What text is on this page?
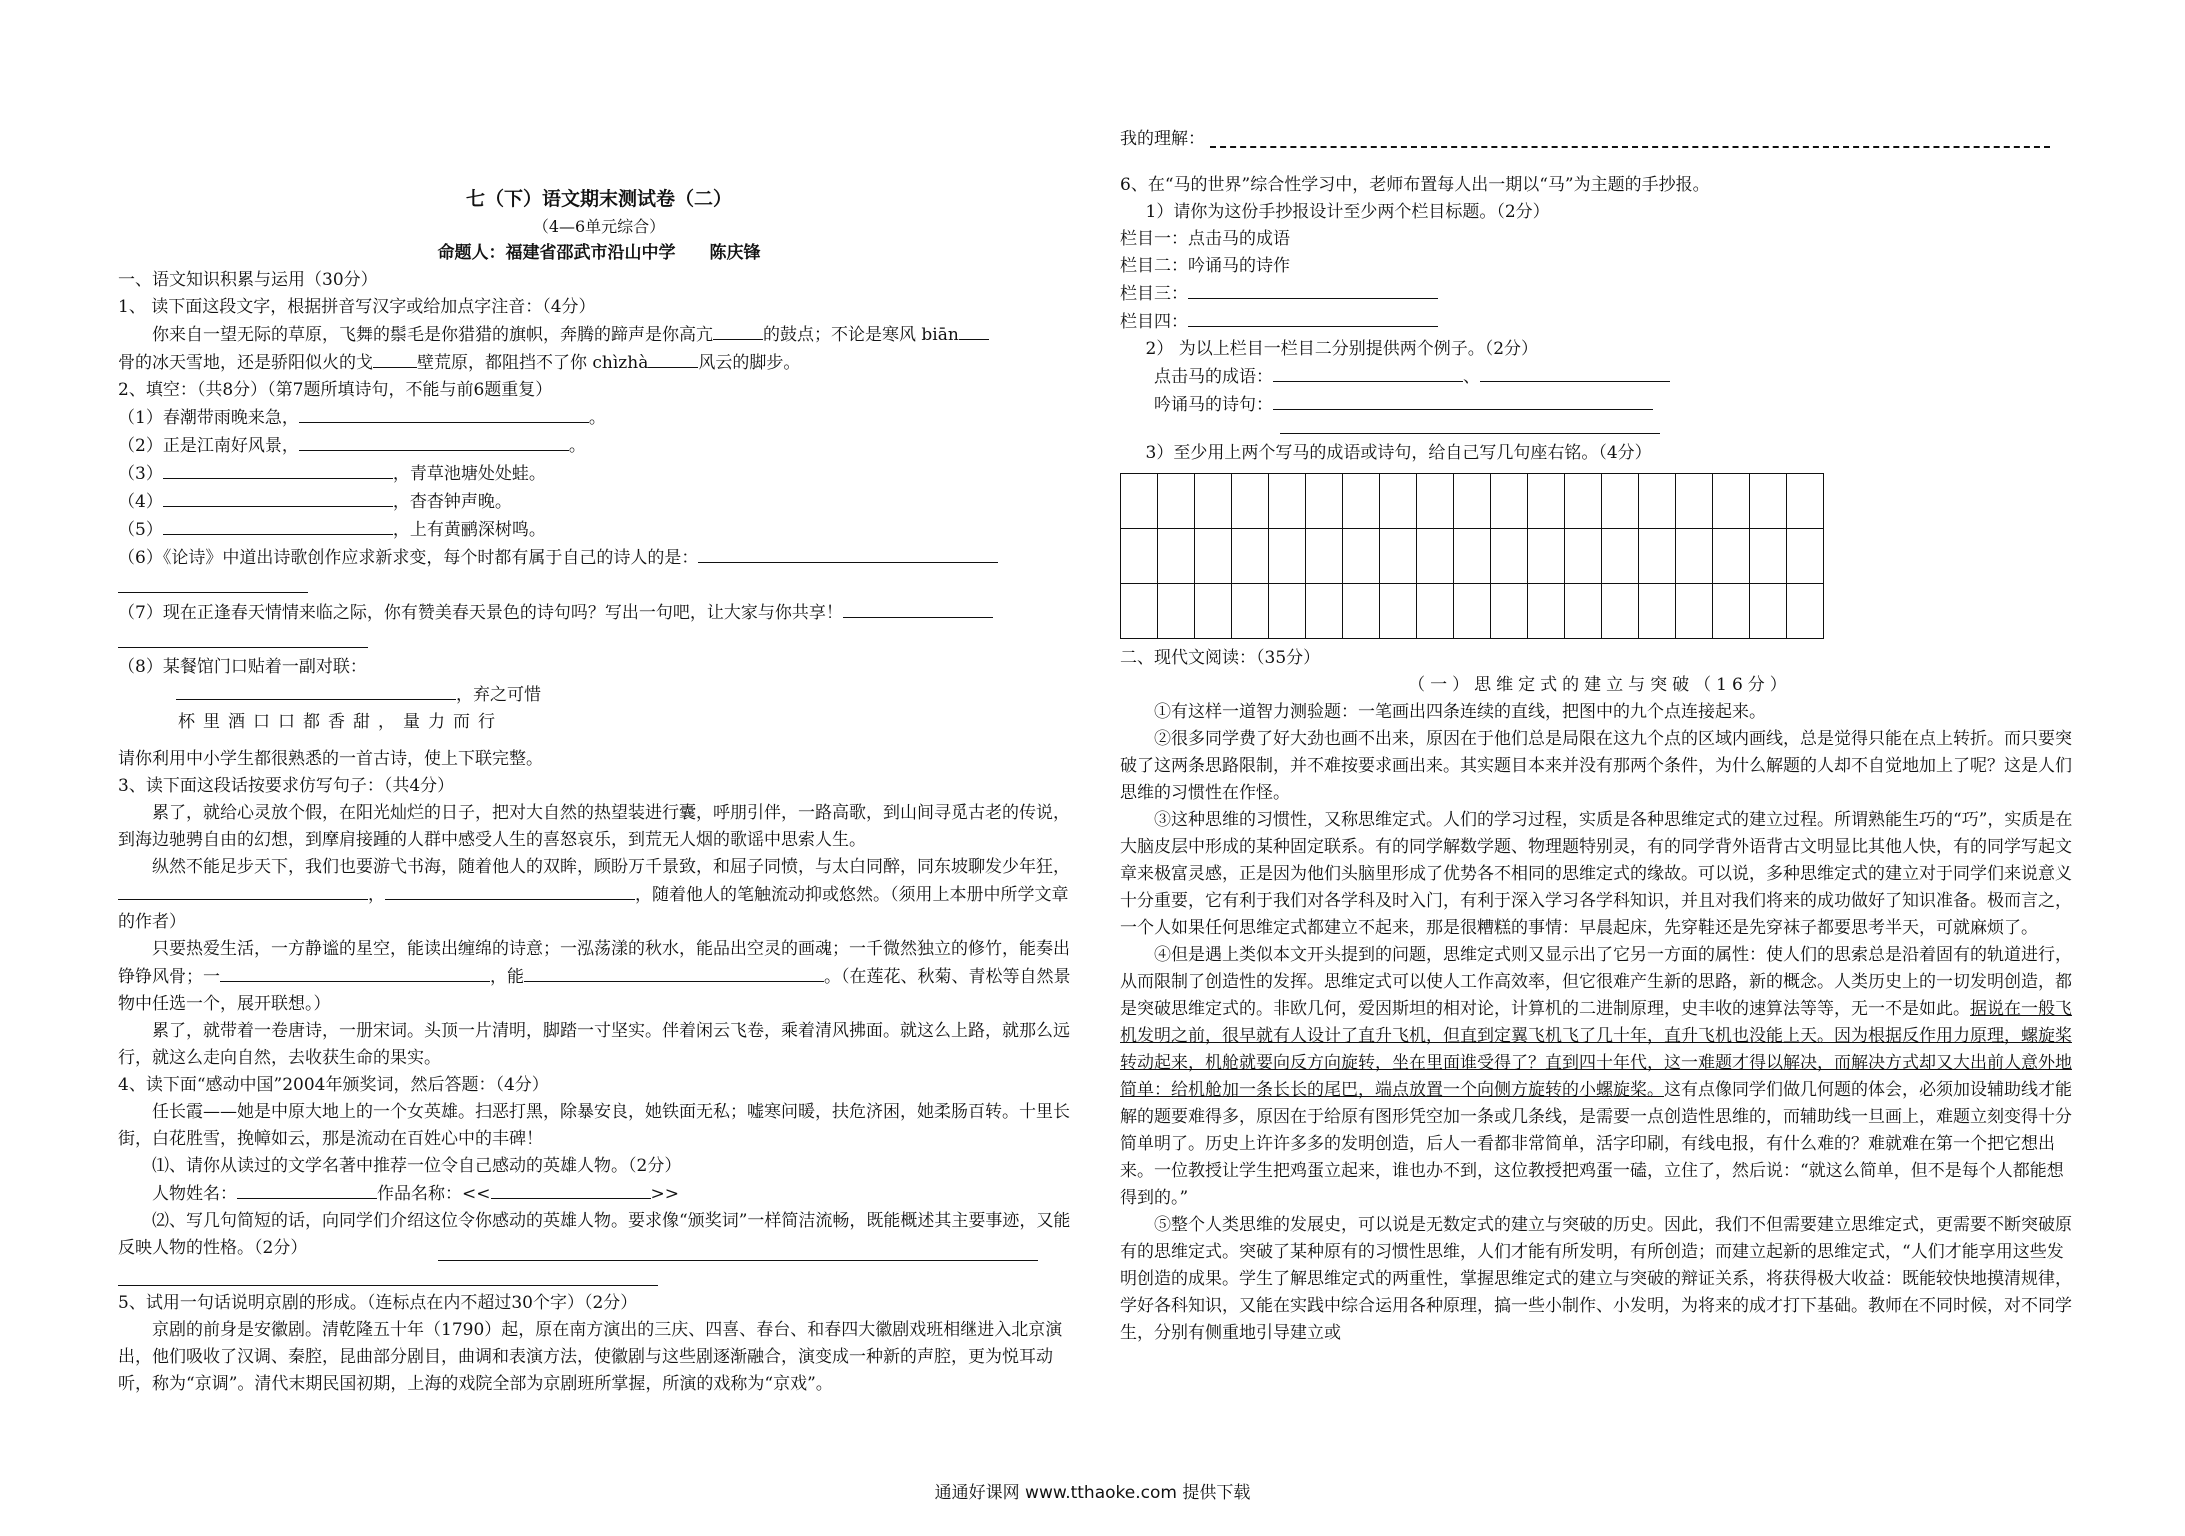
我的理解：

七（下）语文期末测试卷（二）

（4—6单元综合）

命题人：福建省邵武市沿山中学　　陈庆锋

一、语文知识积累与运用（30分）

1、 读下面这段文字，根据拼音写汉字或给加点字注音：（4分）

你来自一望无际的草原，飞舞的鬃毛是你猎猎的旗帜，奔腾的蹄声是你高亢	的鼓点；不论是寒风 biān

骨的冰天雪地，还是骄阳似火的戈	壁荒原，都阻挡不了你 chìzhà	风云的脚步。

2、填空：（共8分）（第7题所填诗句，不能与前6题重复）

（1）春潮带雨晚来急，	。

（2）正是江南好风景，	。

（3）	，青草池塘处处蛙。

（4）	，杳杳钟声晚。

（5）	，上有黄鹂深树鸣。

（6）《论诗》中道出诗歌创作应求新求变，每个时都有属于自己的诗人的是：

（7）现在正逢春天情情来临之际，你有赞美春天景色的诗句吗？写出一句吧，让大家与你共享！

（8）某餐馆门口贴着一副对联：

，弃之可惜

杯里酒口口都香甜，量力而行

请你利用中小学生都很熟悉的一首古诗，使上下联完整。

3、读下面这段话按要求仿写句子：（共4分）

累了，就给心灵放个假，在阳光灿烂的日子，把对大自然的热望装进行囊，呼朋引伴，一路高歌，到山间寻觅古老的传说，到海边驰骋自由的幻想，到摩肩接踵的人群中感受人生的喜怒哀乐，到荒无人烟的歌谣中思索人生。

纵然不能足步天下，我们也要游弋书海，随着他人的双眸，顾盼万千景致，和屈子同愤，与太白同醉，同东坡聊发少年狂，，	，随着他人的笔触流动抑或悠然。（须用上本册中所学文章的作者）

只要热爱生活，一方静谧的星空，能读出缠绵的诗意；一泓荡漾的秋水，能品出空灵的画魂；一千微然独立的修竹，能奏出铮铮风骨；一	，能	。（在莲花、秋菊、青松等自然景物中任选一个，展开联想。）

累了，就带着一卷唐诗，一册宋词。头顶一片清明，脚踏一寸坚实。伴着闲云飞卷，乘着清风拂面。就这么上路，就那么远行，就这么走向自然，去收获生命的果实。

4、读下面“感动中国”2004年颁奖词，然后答题：（4分）

任长霞——她是中原大地上的一个女英雄。扫恶打黑，除暴安良，她铁面无私；嘘寒问暖，扶危济困，她柔肠百转。十里长街，白花胜雪，挽幛如云，那是流动在百姓心中的丰碑！

⑴、请你从读过的文学名著中推荐一位令自己感动的英雄人物。（2分）

人物姓名：	作品名称：<<	>>

⑵、写几句简短的话，向同学们介绍这位令你感动的英雄人物。要求像“颁奖词”一样简洁流畅，既能概述其主要事迹，又能反映人物的性格。（2分）

5、试用一句话说明京剧的形成。（连标点在内不超过30个字）（2分）

京剧的前身是安徽剧。清乾隆五十年（1790）起，原在南方演出的三庆、四喜、春台、和春四大徽剧戏班相继进入北京演出，他们吸收了汉调、秦腔，昆曲部分剧目，曲调和表演方法，使徽剧与这些剧逐渐融合，演变成一种新的声腔，更为悦耳动听，称为“京调”。清代末期民国初期，上海的戏院全部为京剧班所掌握，所演的戏称为“京戏”。

6、在“马的世界”综合性学习中，老师布置每人出一期以“马”为主题的手抄报。

1）请你为这份手抄报设计至少两个栏目标题。（2分）

栏目一：点击马的成语

栏目二：吟诵马的诗作

栏目三：

栏目四：

2） 为以上栏目一栏目二分别提供两个例子。（2分）

点击马的成语：	、

吟诵马的诗句：

3）至少用上两个写马的成语或诗句，给自己写几句座右铭。（4分）

二、现代文阅读：（35分）

（一）思维定式的建立与突破（16分）

①有这样一道智力测验题：一笔画出四条连续的直线，把图中的九个点连接起来。

②很多同学费了好大劲也画不出来，原因在于他们总是局限在这九个点的区域内画线，总是觉得只能在点上转折。而只要突破了这两条思路限制，并不难按要求画出来。其实题目本来并没有那两个条件，为什么解题的人却不自觉地加上了呢？这是人们思维的习惯性在作怪。

③这种思维的习惯性，又称思维定式。人们的学习过程，实质是各种思维定式的建立过程。所谓熟能生巧的“巧”，实质是在大脑皮层中形成的某种固定联系。有的同学解数学题、物理题特别灵，有的同学背外语背古文明显比其他人快，有的同学写起文章来极富灵感，正是因为他们头脑里形成了优势各不相同的思维定式的缘故。可以说，多种思维定式的建立对于同学们来说意义十分重要，它有利于我们对各学科及时入门，有利于深入学习各学科知识，并且对我们将来的成功做好了知识准备。极而言之，一个人如果任何思维定式都建立不起来，那是很糟糕的事情：早晨起床，先穿鞋还是先穿袜子都要思考半天，可就麻烦了。

④但是遇上类似本文开头提到的问题，思维定式则又显示出了它另一方面的属性：使人们的思索总是沿着固有的轨道进行，从而限制了创造性的发挥。思维定式可以使人工作高效率，但它很难产生新的思路，新的概念。人类历史上的一切发明创造，都是突破思维定式的。非欧几何，爱因斯坦的相对论，计算机的二进制原理，史丰收的速算法等等，无一不是如此。据说在一般飞机发明之前，很早就有人设计了直升飞机，但直到定翼飞机飞了几十年，直升飞机也没能上天。因为根据反作用力原理，螺旋桨转动起来，机舱就要向反方向旋转，坐在里面谁受得了？直到四十年代，这一难题才得以解决，而解决方式却又大出前人意外地简单：给机舱加一条长长的尾巴，端点放置一个向侧方旋转的小螺旋桨。这有点像同学们做几何题的体会，必须加设辅助线才能解的题要难得多，原因在于给原有图形凭空加一条或几条线，是需要一点创造性思维的，而辅助线一旦画上，难题立刻变得十分简单明了。历史上许许多多的发明创造，后人一看都非常简单，活字印刷，有线电报，有什么难的？难就难在第一个把它想出来。一位教授让学生把鸡蛋立起来，谁也办不到，这位教授把鸡蛋一磕，立住了，然后说：“就这么简单，但不是每个人都能想得到的。”

⑤整个人类思维的发展史，可以说是无数定式的建立与突破的历史。因此，我们不但需要建立思维定式，更需要不断突破原有的思维定式。突破了某种原有的习惯性思维，人们才能有所发明，有所创造；而建立起新的思维定式，“人们才能享用这些发明创造的成果。学生了解思维定式的两重性，掌握思维定式的建立与突破的辩证关系，将获得极大收益：既能较快地摸清规律，学好各科知识，又能在实践中综合运用各种原理，搞一些小制作、小发明，为将来的成才打下基础。教师在不同时候，对不同学生，分别有侧重地引导建立或

通通好课网 www.tthaoke.com 提供下载
